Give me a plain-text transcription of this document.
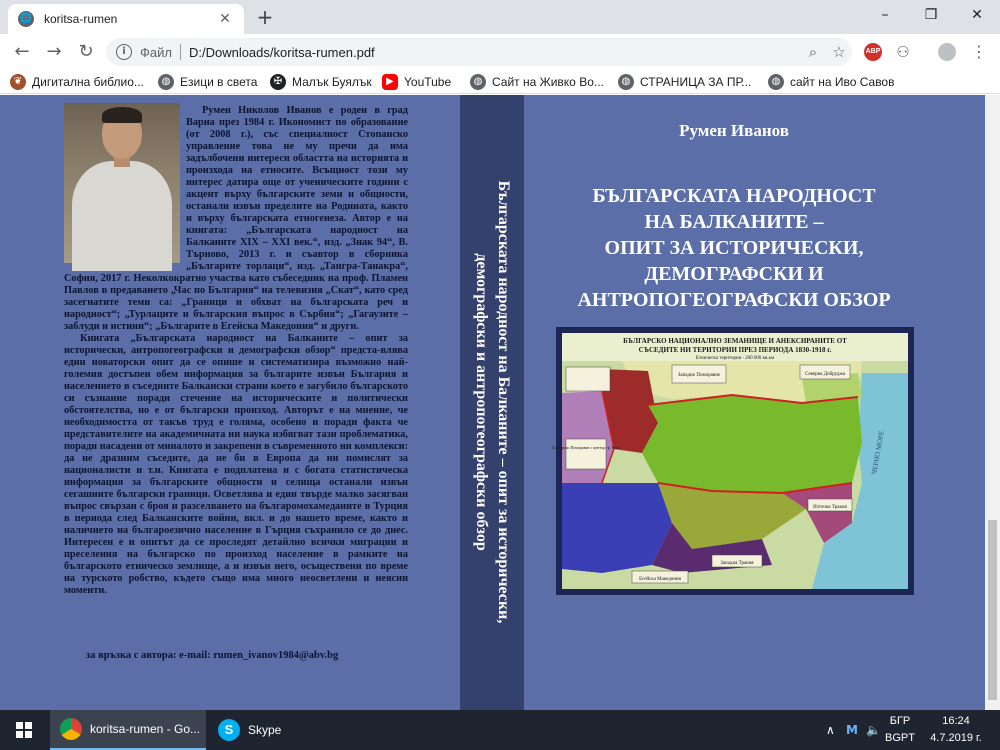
🌐 koritsa-rumen	✕ +	–	❐	✕
← → ↻	i	Файл D:/Downloads/koritsa-rumen.pdf	⌕	☆	ABP ⚇	⋮
❦ Дигитална библио...	◍ Езици в света	✠ Малък Буялък	▶ YouTube	◍ Сайт на Живко Во...	◍ СТРАНИЦА ЗА ПР...	◍ сайт на Иво Савов

Румен Николов Иванов е роден в град Варна през 1984 г. Икономист по образование (от 2008 г.), със специалност Стопанско управление това не му пречи да има задълбочени интереси областта на историята и произхода на етносите. Всъщност този му интерес датира още от ученическите години с акцент върху българските земи и общности, останали извън пределите на Родината, както и върху българската етногенеза. Автор е на книгата: „Българската народност на Балканите XIX – XXI век.“, изд. „Знак 94“, В. Търново, 2013 г. и съавтор в сборника „Българите торлаци“, изд. „Тангра-Танакра“, София, 2017 г. Неколкократно участва като събеседник на проф. Пламен Павлов в предаването „Час по България“ на телевизия „Скат“, като сред засегнатите теми са: „Граници и обхват на българската реч и народност“; „Турлаците и българския въпрос в Сърбия“; „Гагаузите – заблуди и истини“; „Българите в Егейска Македония“ и други.

Книгата „Българската народност на Балканите – опит за исторически, антропогеографски и демографски обзор“ предста-влява един новаторски опит да се опише и систематизира възможно най-големия достъпен обем информация за българите извън България и населението в съседните Балкански страни което е загубило българското си съзнание поради стечение на историческите и политически обстоятелства, но е от български произход. Авторът е на мнение, че необходимостта от такъв труд е голяма, особено и поради факта че представителите на академичната ни наука избягват тази проблематика, поради насадени от миналото и закрепени в съвременното ни комплекси: да не дразним съседите, да не би в Европа да ни помислят за националисти и т.н. Книгата е подплатена и с богата статистическа информация за българските общности и селища останали извън сегашните български граници. Осветлява и един твърде малко засягван въпрос свързан с броя и разселването на българомохамеданите в Турция в периода след Балканските войни, вкл. и до нашето време, както и наличието на българоезично население в Гърция съхранило се до днес. Интересен е и опитът да се проследят детайлно всички миграции и преселения на българско по произход население в рамките на българското етническо землище, а и извън него, осъществени по време на турското робство, където също има много неосветлени и неясни моменти.

за връзка с автора: e-mail: rumen_ivanov1984@abv.bg
Българската народност на Балканите – опит за исторически,
демографски и антропогеографски обзор
Румен Иванов
БЪЛГАРСКАТА НАРОДНОСТ
НА БАЛКАНИТЕ –
ОПИТ ЗА ИСТОРИЧЕСКИ,
ДЕМОГРАФСКИ И
АНТРОПОГЕОГРАФСКИ ОБЗОР
БЪЛГАРСКО НАЦИОНАЛНО ЗЕМАНИЩЕ И АНЕКСИРАНИТЕ ОТ
СЪСЕДИТЕ НИ ТЕРИТОРИИ ПРЕЗ ПЕРИОДА 1830-1918 г.
Етническа територия - 200 000 кв.км
Западно Поморавие	Северна Добруджа
Българско Поморавие с център гр. Ниш
Източна Тракия
Западна Тракия
Егейска Македония
ЧЕРНО МОРЕ
koritsa-rumen - Go...	S	Skype	∧ M 🔈
БГР
BGPT
16:24
4.7.2019 г.
